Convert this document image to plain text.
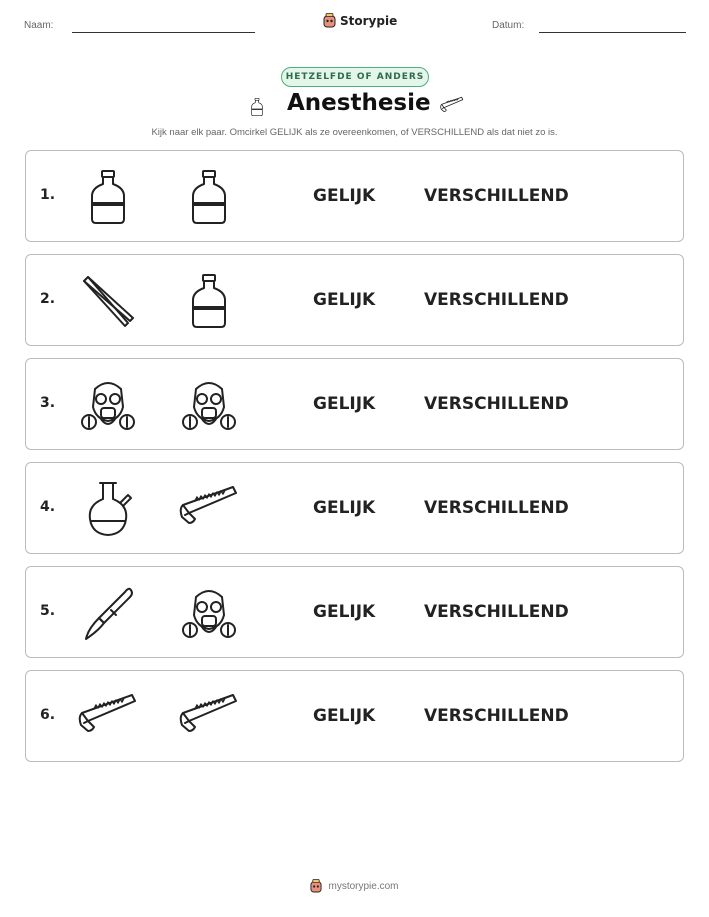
Naam:	Storypie	Datum:
HETZELFDE OF ANDERS
Anesthesie
Kijk naar elk paar. Omcirkel GELIJK als ze overeenkomen, of VERSCHILLEND als dat niet zo is.
1.	GELIJK	VERSCHILLEND
2.	GELIJK	VERSCHILLEND
3.	GELIJK	VERSCHILLEND
4.	GELIJK	VERSCHILLEND
5.	GELIJK	VERSCHILLEND
6.	GELIJK	VERSCHILLEND
mystorypie.com
